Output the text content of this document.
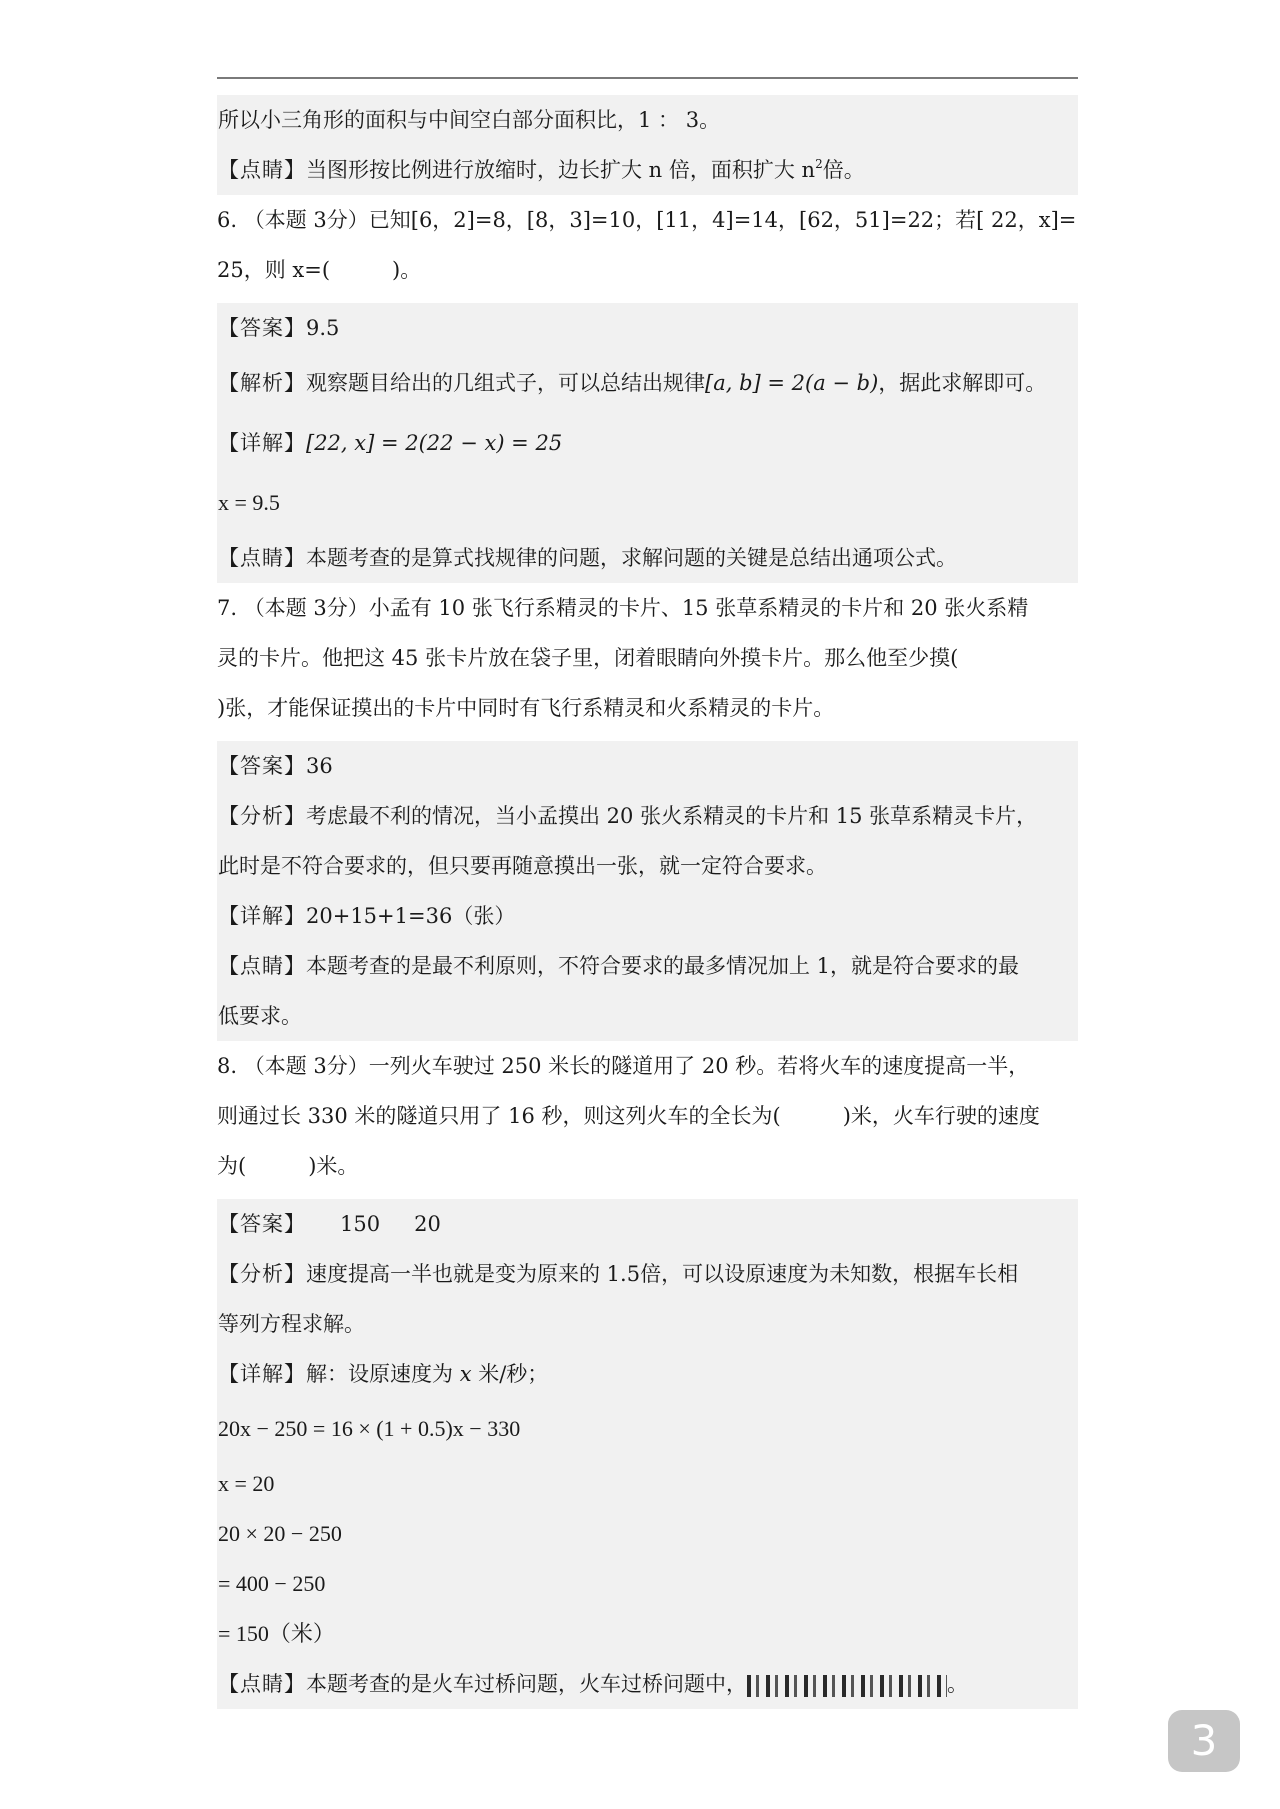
所以小三角形的面积与中间空白部分面积比，1 ： 3。
【点睛】当图形按比例进行放缩时，边长扩大 n 倍，面积扩大 $n^2$倍。
6. （本题 3分）已知[6，2]=8，[8，3]=10，[11，4]=14，[62，51]=22；若[ 22，x]=
25，则 x=(	)。
【答案】9.5
【解析】观察题目给出的几组式子，可以总结出规律[a, b] = 2(a − b)，据此求解即可。
【详解】[22, x] = 2(22 − x) = 25
x = 9.5
【点睛】本题考查的是算式找规律的问题，求解问题的关键是总结出通项公式。
7. （本题 3分）小孟有 10 张飞行系精灵的卡片、15 张草系精灵的卡片和 20 张火系精
灵的卡片。他把这 45 张卡片放在袋子里，闭着眼睛向外摸卡片。那么他至少摸(
)张，才能保证摸出的卡片中同时有飞行系精灵和火系精灵的卡片。
【答案】36
【分析】考虑最不利的情况，当小孟摸出 20 张火系精灵的卡片和 15 张草系精灵卡片，
此时是不符合要求的，但只要再随意摸出一张，就一定符合要求。
【详解】20+15+1=36（张）
【点睛】本题考查的是最不利原则，不符合要求的最多情况加上 1，就是符合要求的最
低要求。
8. （本题 3分）一列火车驶过 250 米长的隧道用了 20 秒。若将火车的速度提高一半，
则通过长 330 米的隧道只用了 16 秒，则这列火车的全长为(	)米，火车行驶的速度
为(	)米。
【答案】 150 20
【分析】速度提高一半也就是变为原来的 1.5倍，可以设原速度为未知数，根据车长相
等列方程求解。
【详解】解：设原速度为 x 米/秒；
20x − 250 = 16 × (1 + 0.5)x − 330
x = 20
20 × 20 − 250
= 400 − 250
= 150（米）
【点睛】本题考查的是火车过桥问题，火车过桥问题中，	。
3
